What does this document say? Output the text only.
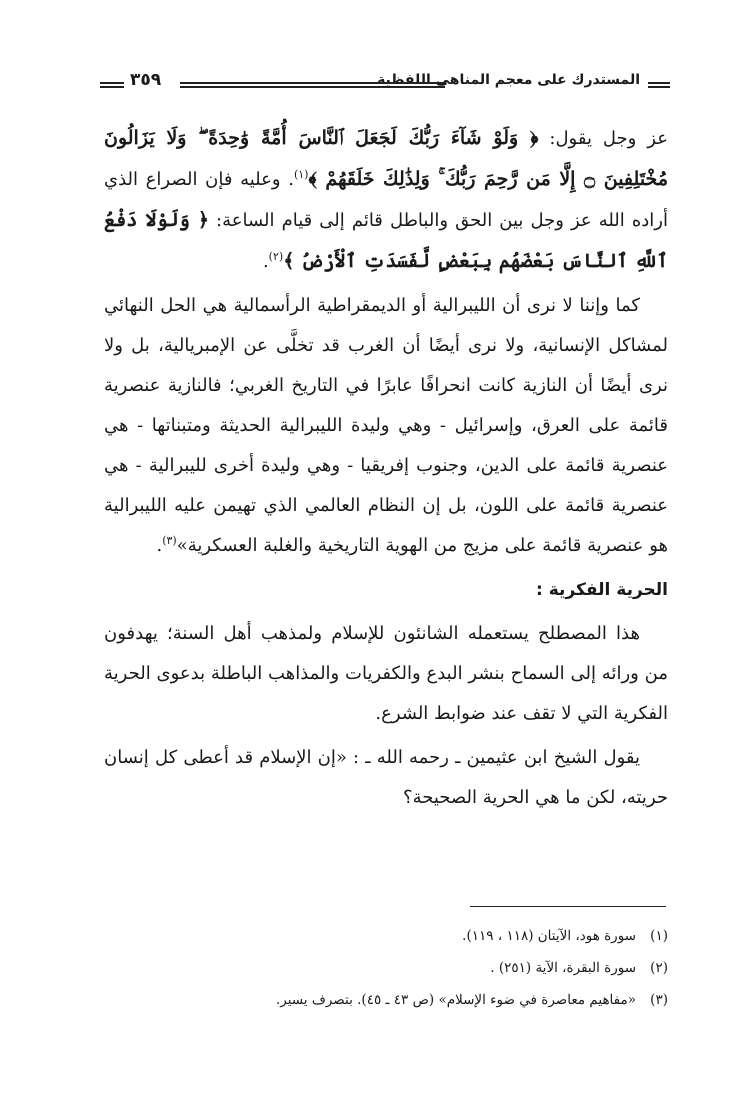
المستدرك على معجم المناهي اللفظية
٣٥٩

عز وجل يقول: ﴿ وَلَوْ شَآءَ رَبُّكَ لَجَعَلَ ٱلنَّاسَ أُمَّةً وَٰحِدَةً ۖ وَلَا يَزَالُونَ مُخْتَلِفِينَ ۝ إِلَّا مَن رَّحِمَ رَبُّكَ ۚ وَلِذَٰلِكَ خَلَقَهُمْ ﴾$^{(١)}$. وعليه فإن الصراع الذي أراده الله عز وجل بين الحق والباطل قائم إلى قيام الساعة: ﴿ وَلَوْلَا دَفْعُ ٱللَّهِ ٱلنَّاسَ بَعْضَهُم بِبَعْضٍ لَّفَسَدَتِ ٱلْأَرْضُ ﴾$^{(٢)}$.

كما وإننا لا نرى أن الليبرالية أو الديمقراطية الرأسمالية هي الحل النهائي لمشاكل الإنسانية، ولا نرى أيضًا أن الغرب قد تخلَّى عن الإمبريالية، بل ولا نرى أيضًا أن النازية كانت انحرافًا عابرًا في التاريخ الغربي؛ فالنازية عنصرية قائمة على العرق، وإسرائيل - وهي وليدة الليبرالية الحديثة ومتبناتها - هي عنصرية قائمة على الدين، وجنوب إفريقيا - وهي وليدة أخرى لليبرالية - هي عنصرية قائمة على اللون، بل إن النظام العالمي الذي تهيمن عليه الليبرالية هو عنصرية قائمة على مزيج من الهوية التاريخية والغلبة العسكرية»$^{(٣)}$.

الحرية الفكرية :

هذا المصطلح يستعمله الشانئون للإسلام ولمذهب أهل السنة؛ يهدفون من ورائه إلى السماح بنشر البدع والكفريات والمذاهب الباطلة بدعوى الحرية الفكرية التي لا تقف عند ضوابط الشرع.

يقول الشيخ ابن عثيمين ـ رحمه الله ـ : «إن الإسلام قد أعطى كل إنسان حريته، لكن ما هي الحرية الصحيحة؟

(١)سورة هود، الآيتان (١١٨ ، ١١٩).
(٢)سورة البقرة، الآية (٢٥١) .
(٣)«مفاهيم معاصرة في ضوء الإسلام» (ص ٤٣ ـ ٤٥). بتصرف يسير.
